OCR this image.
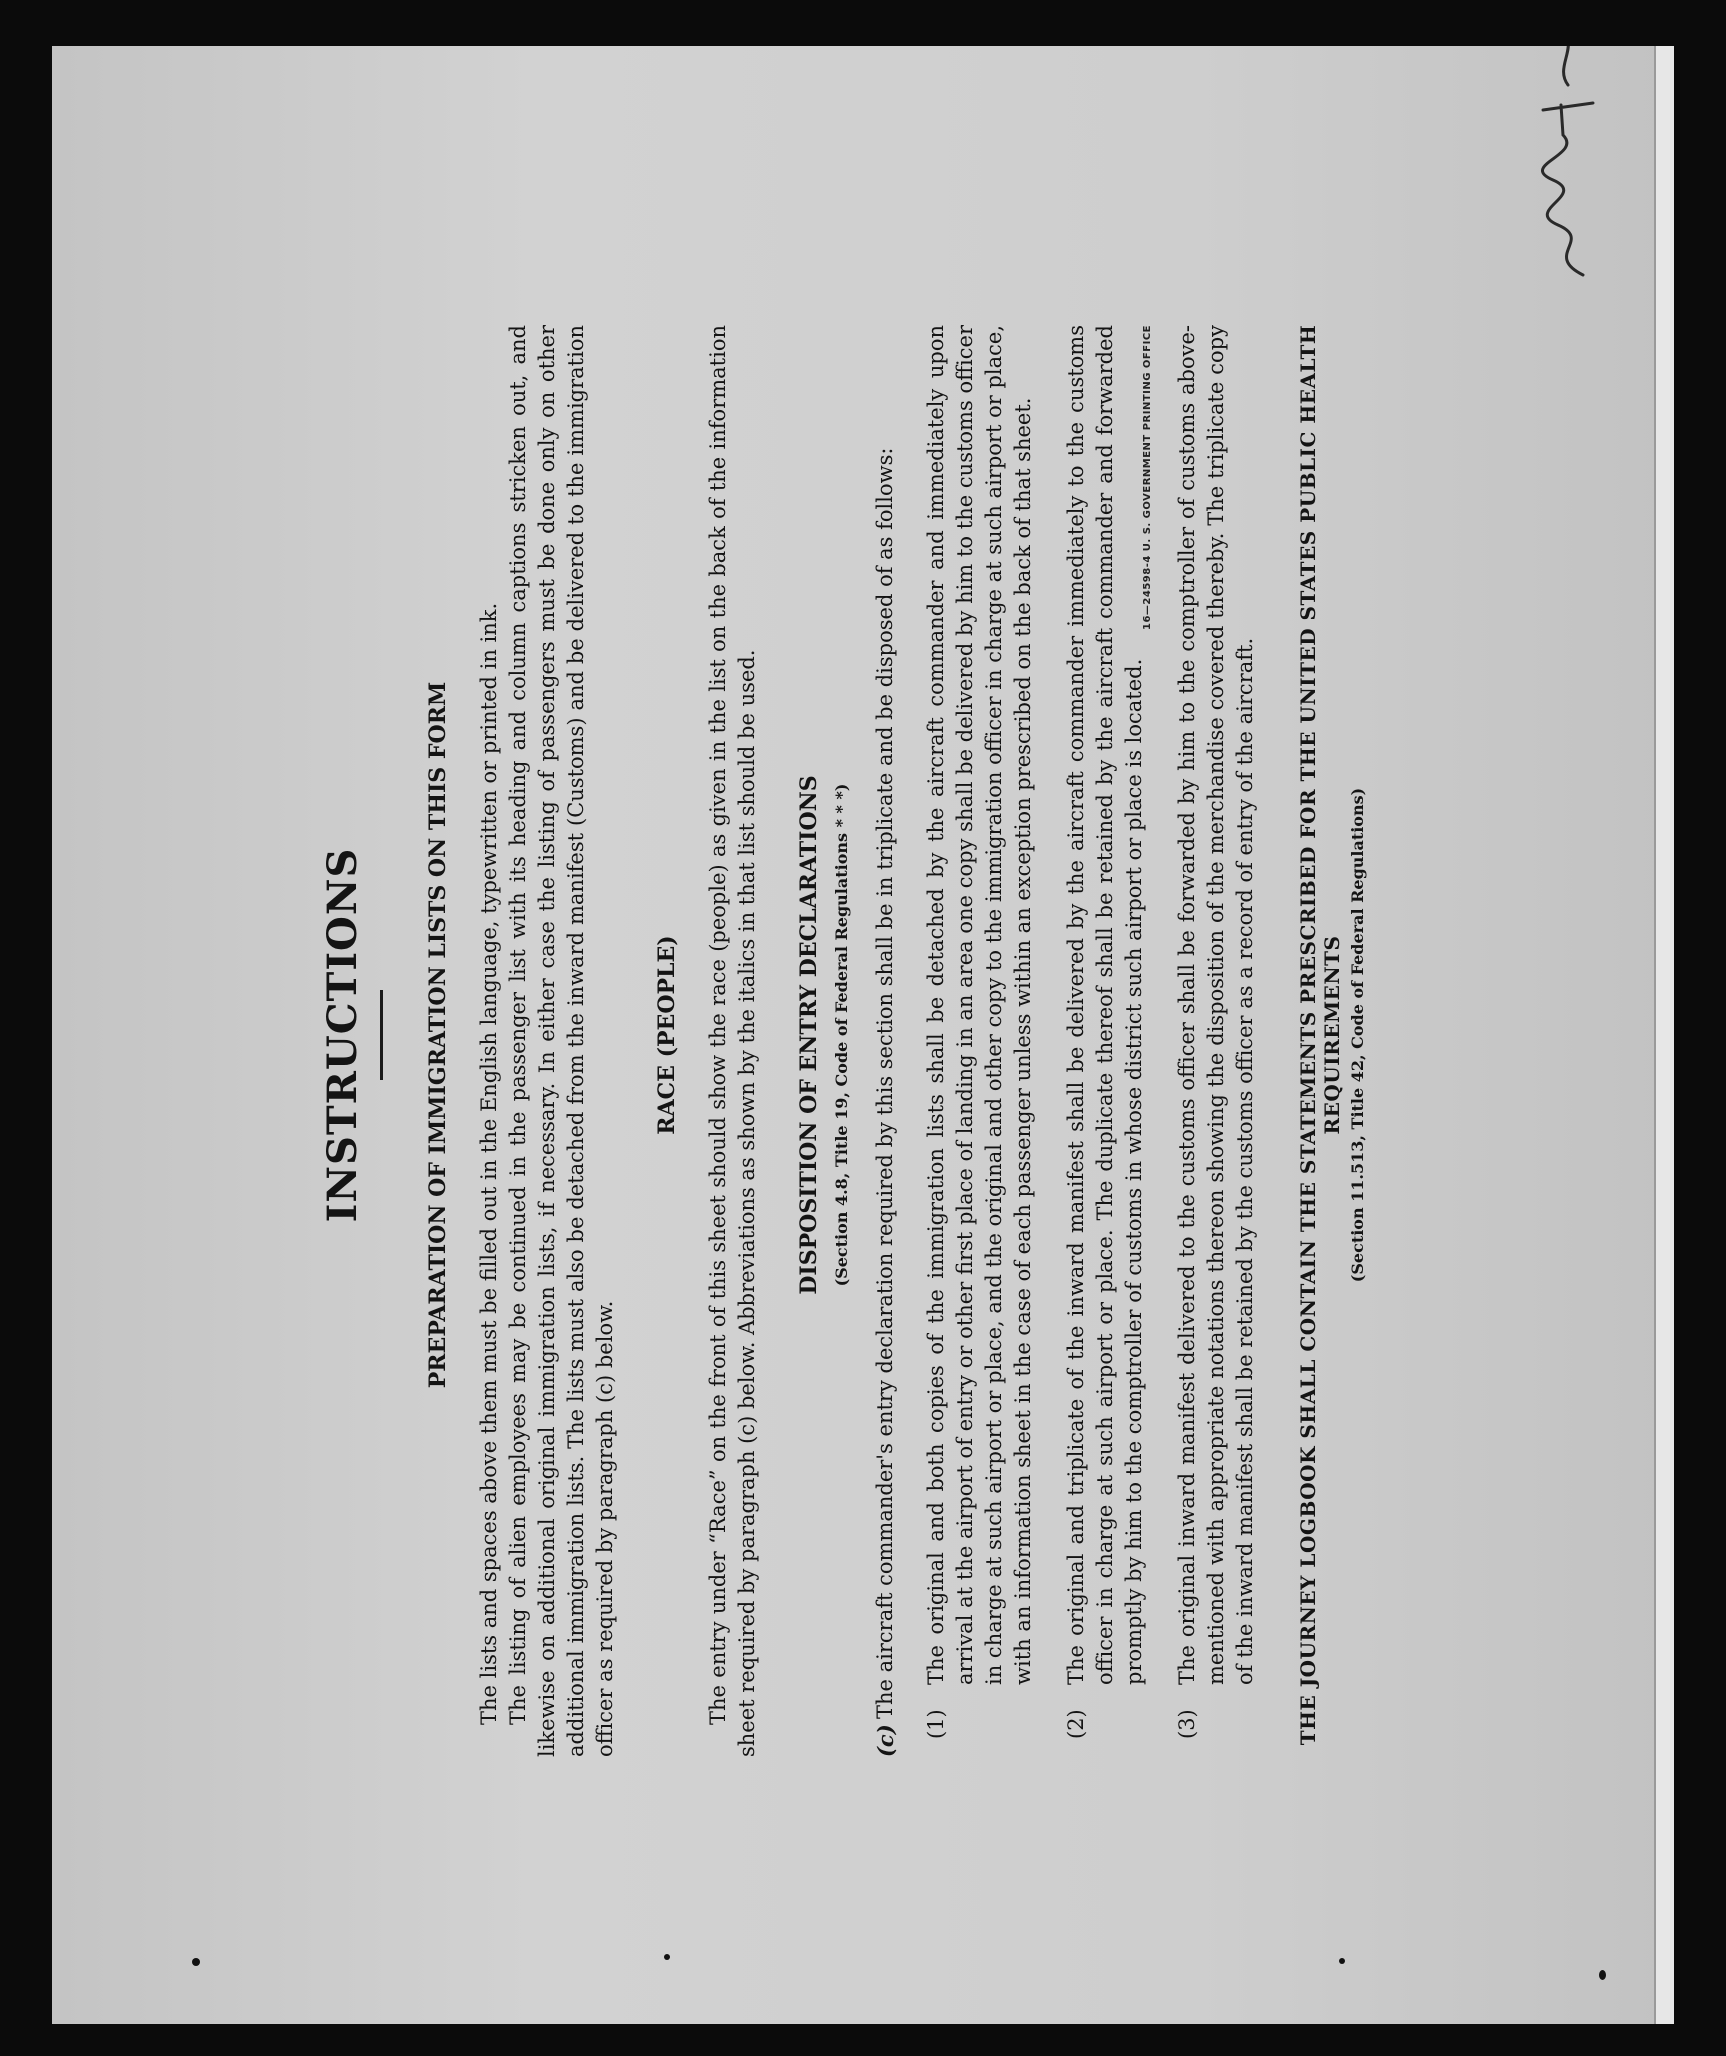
INSTRUCTIONS	PREPARATION OF IMMIGRATION LISTS ON THIS FORM The lists and spaces above them must be filled out in the English language, typewritten or printed in ink. The listing of alien employees may be continued in the passenger list with its heading and column captions stricken out, and likewise on additional original immigration lists, if necessary. In either case the listing of passengers must be done only on other additional immigration lists. The lists must also be detached from the inward manifest (Customs) and be delivered to the immigration officer as required by paragraph (c) below.

RACE (PEOPLE) The entry under “Race” on the front of this sheet should show the race (people) as given in the list on the back of the information sheet required by paragraph (c) below. Abbreviations as shown by the italics in that list should be used. DISPOSITION OF ENTRY DECLARATIONS (Section 4.8, Title 19, Code of Federal Regulations * * *)
(c)
The aircraft commander's entry declaration required by this section shall be in triplicate and be disposed of as follows:
(1)
The original and both copies of the immigration lists shall be detached by the aircraft commander and immediately upon arrival at the airport of entry or other first place of landing in an area one copy shall be delivered by him to the customs officer in charge at such airport or place, and the original and other copy to the immigration officer in charge at such airport or place, with an information sheet in the case of each passenger unless within an exception prescribed on the back of that sheet.
(2)
The original and triplicate of the inward manifest shall be delivered by the aircraft commander immediately to the customs officer in charge at such airport or place. The duplicate thereof shall be retained by the aircraft commander and forwarded promptly by him to the comptroller of customs in whose district such airport or place is located.
(3)
The original inward manifest delivered to the customs officer shall be forwarded by him to the comptroller of customs above-mentioned with appropriate notations thereon showing the disposition of the merchandise covered thereby. The triplicate copy of the inward manifest shall be retained by the customs officer as a record of entry of the aircraft. THE JOURNEY LOGBOOK SHALL CONTAIN THE STATEMENTS PRESCRIBED FOR THE UNITED STATES PUBLIC HEALTH REQUIREMENTS (Section 11.513, Title 42, Code of Federal Regulations)
16—24598-4 U. S. GOVERNMENT PRINTING OFFICE
